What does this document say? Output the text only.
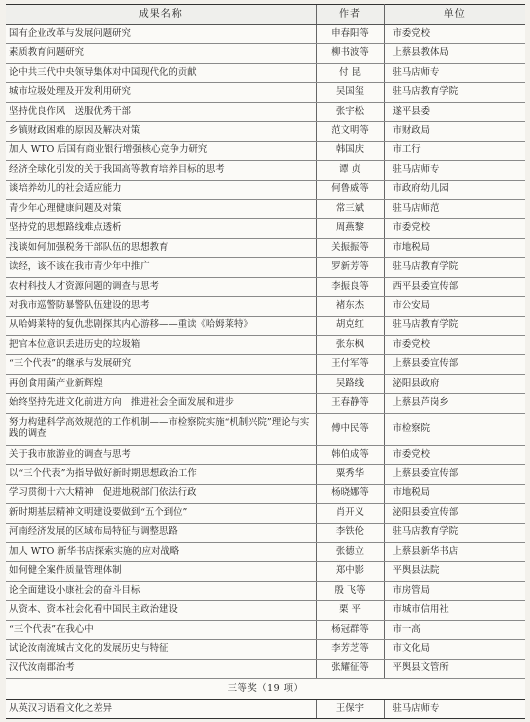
成果名称	作者	单位
国有企业改革与发展问题研究	申春阳等	市委党校
素质教育问题研究	柳书波等	上蔡县教体局
论中共三代中央领导集体对中国现代化的贡献	付 昆	驻马店师专
城市垃圾处理及开发利用研究	吴国玺	驻马店教育学院
坚持优良作风　送服优秀干部	张宇松	遂平县委
乡镇财政困难的原因及解决对策	范文明等	市财政局
加人 WTO 后国有商业银行增强核心竞争力研究	韩国庆	市工行
经济全球化引发的关于我国高等教育培养目标的思考	谭 贞	驻马店师专
谈培养幼儿的社会适应能力	何鲁威等	市政府幼儿园
青少年心理健康问题及对策	常三斌	驻马店师范
坚持党的思想路线难点透析	周燕黎	市委党校
浅谈如何加强税务干部队伍的思想教育	关振振等	市地税局
读经，该不该在我市青少年中推广	罗新芳等	驻马店教育学院
农村科技人才资源问题的调查与思考	李振良等	西平县委宣传部
对我市巡警防暴警队伍建设的思考	褚东杰	市公安局
从哈姆莱特的复仇悲剧探其内心游移——重读《哈姆莱特》	胡克红	驻马店教育学院
把官本位意识丢进历史的垃圾箱	张东枫	市委党校
“三个代表”的继承与发展研究	王付军等	上蔡县委宣传部
再创食用菌产业新辉煌	吴路线	泌阳县政府
始终坚持先进文化前进方向　推进社会全面发展和进步	王春静等	上蔡县芦岗乡
努力构建科学高效规范的工作机制——市检察院实施“机制兴院”理论与实践的调查	傅中民等	市检察院
关于我市旅游业的调查与思考	韩伯成等	市委党校
以“三个代表”为指导做好新时期思想政治工作	粟秀华	上蔡县委宣传部
学习贯彻十六大精神　促进地税部门依法行政	杨晓娜等	市地税局
新时期基层精神文明建设要做到“五个到位”	肖开义	泌阳县委宣传部
河南经济发展的区域布局特征与调整思路	李铁伦	驻马店教育学院
加人 WTO 新华书店探索实施的应对战略	张德立	上蔡县新华书店
如何健全案件质量管理体制	郑中影	平舆县法院
论全面建设小康社会的奋斗目标	殷 飞等	市房管局
从资本、资本社会化看中国民主政治建设	栗 平	市城市信用社
“三个代表”在我心中	杨冠群等	市一高
试论汝南流城古文化的发展历史与特征	李芳芝等	市文化局
汉代汝南郡治考	张耀征等	平舆县文管所
三等奖（19 项）		
从英汉习语看文化之差异	王保宇	驻马店师专
